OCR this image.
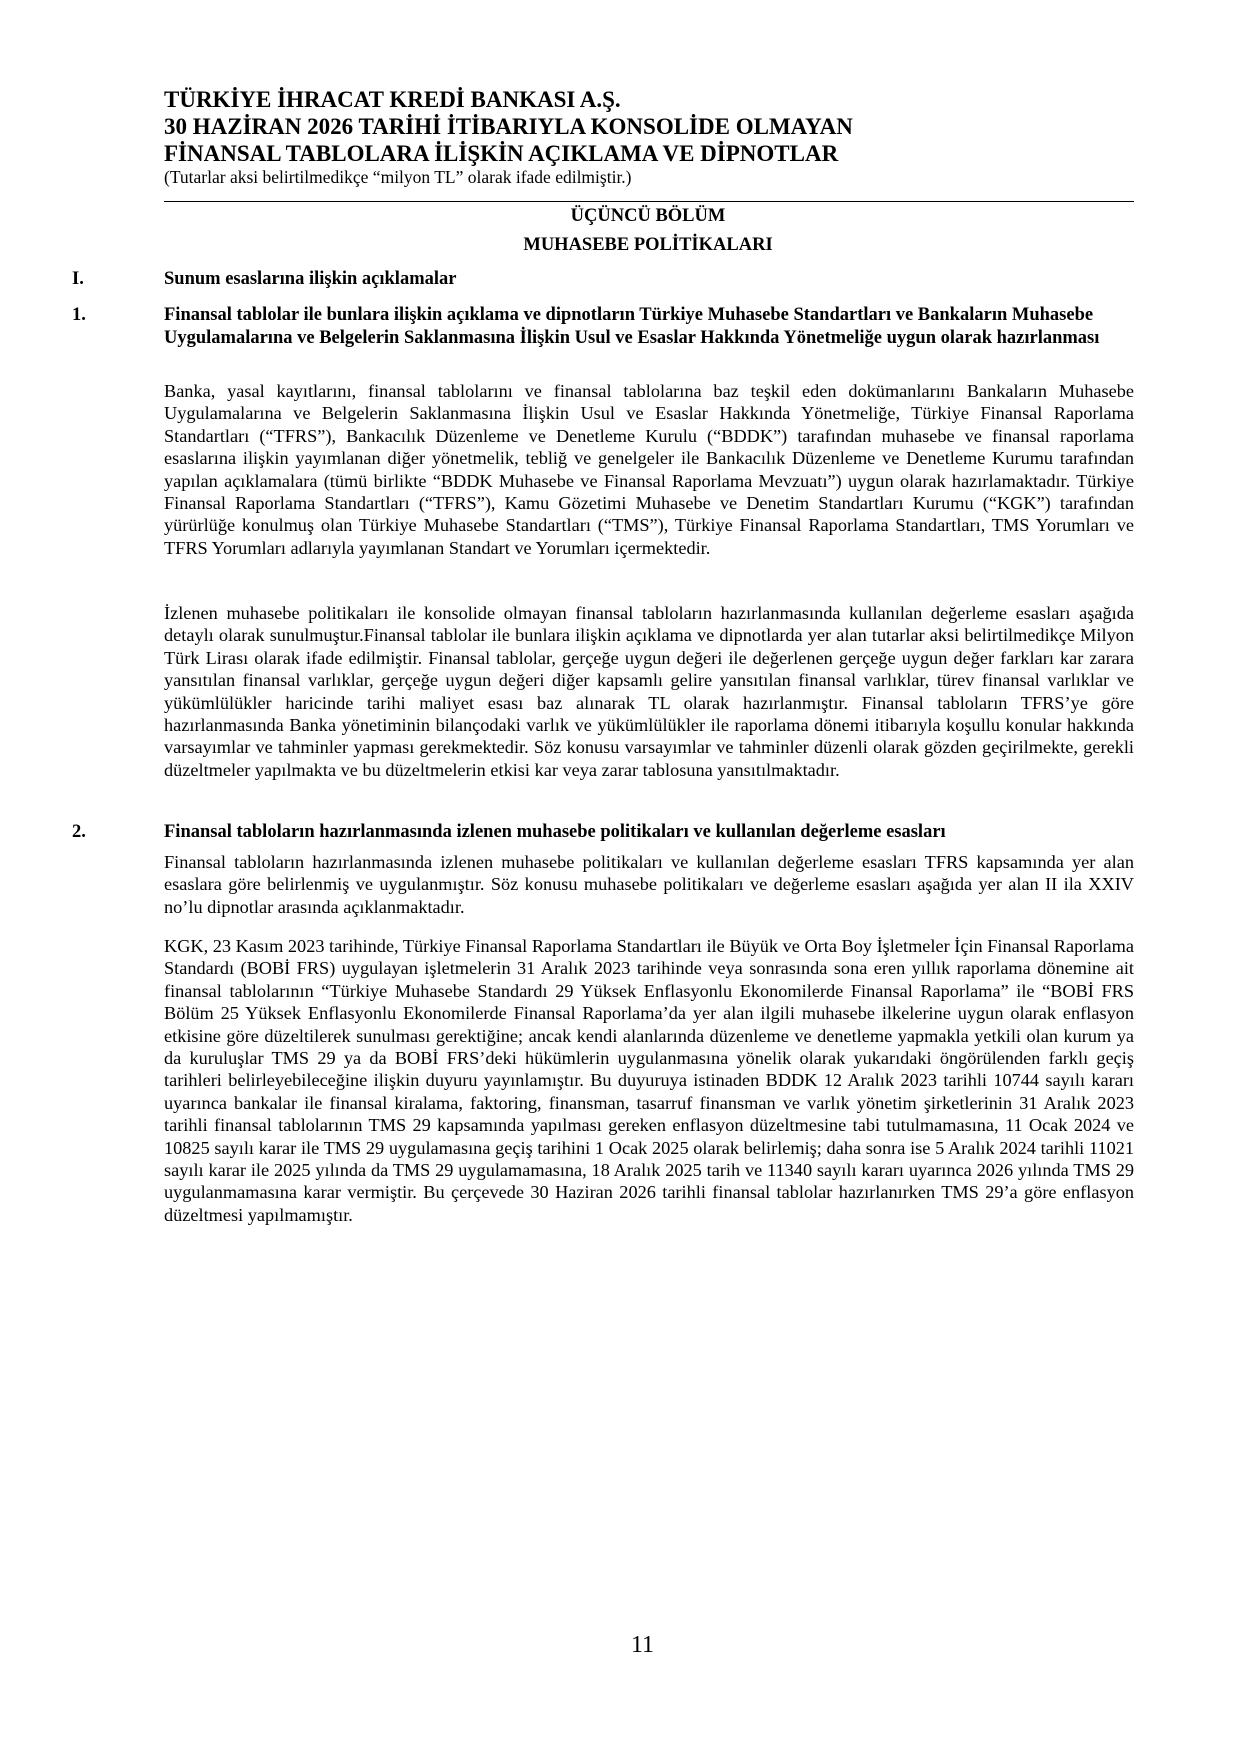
TÜRKİYE İHRACAT KREDİ BANKASI A.Ş.
30 HAZİRAN 2026 TARİHİ İTİBARIYLA KONSOLİDE OLMAYAN
FİNANSAL TABLOLARA İLİŞKİN AÇIKLAMA VE DİPNOTLAR
(Tutarlar aksi belirtilmedikçe “milyon TL” olarak ifade edilmiştir.)
ÜÇÜNCÜ BÖLÜM
MUHASEBE POLİTİKALARI
I.	Sunum esaslarına ilişkin açıklamalar
1.	Finansal tablolar ile bunlara ilişkin açıklama ve dipnotların Türkiye Muhasebe Standartları ve Bankaların Muhasebe Uygulamalarına ve Belgelerin Saklanmasına İlişkin Usul ve Esaslar Hakkında Yönetmeliğe uygun olarak hazırlanması
Banka, yasal kayıtlarını, finansal tablolarını ve finansal tablolarına baz teşkil eden dokümanlarını Bankaların Muhasebe Uygulamalarına ve Belgelerin Saklanmasına İlişkin Usul ve Esaslar Hakkında Yönetmeliğe, Türkiye Finansal Raporlama Standartları (“TFRS”), Bankacılık Düzenleme ve Denetleme Kurulu (“BDDK”) tarafından muhasebe ve finansal raporlama esaslarına ilişkin yayımlanan diğer yönetmelik, tebliğ ve genelgeler ile Bankacılık Düzenleme ve Denetleme Kurumu tarafından yapılan açıklamalara (tümü birlikte “BDDK Muhasebe ve Finansal Raporlama Mevzuatı”) uygun olarak hazırlamaktadır. Türkiye Finansal Raporlama Standartları (“TFRS”), Kamu Gözetimi Muhasebe ve Denetim Standartları Kurumu (“KGK”) tarafından yürürlüğe konulmuş olan Türkiye Muhasebe Standartları (“TMS”), Türkiye Finansal Raporlama Standartları, TMS Yorumları ve TFRS Yorumları adlarıyla yayımlanan Standart ve Yorumları içermektedir.
İzlenen muhasebe politikaları ile konsolide olmayan finansal tabloların hazırlanmasında kullanılan değerleme esasları aşağıda detaylı olarak sunulmuştur.Finansal tablolar ile bunlara ilişkin açıklama ve dipnotlarda yer alan tutarlar aksi belirtilmedikçe Milyon Türk Lirası olarak ifade edilmiştir. Finansal tablolar, gerçeğe uygun değeri ile değerlenen gerçeğe uygun değer farkları kar zarara yansıtılan finansal varlıklar, gerçeğe uygun değeri diğer kapsamlı gelire yansıtılan finansal varlıklar, türev finansal varlıklar ve yükümlülükler haricinde tarihi maliyet esası baz alınarak TL olarak hazırlanmıştır. Finansal tabloların TFRS’ye göre hazırlanmasında Banka yönetiminin bilançodaki varlık ve yükümlülükler ile raporlama dönemi itibarıyla koşullu konular hakkında varsayımlar ve tahminler yapması gerekmektedir. Söz konusu varsayımlar ve tahminler düzenli olarak gözden geçirilmekte, gerekli düzeltmeler yapılmakta ve bu düzeltmelerin etkisi kar veya zarar tablosuna yansıtılmaktadır.
2.	Finansal tabloların hazırlanmasında izlenen muhasebe politikaları ve kullanılan değerleme esasları
Finansal tabloların hazırlanmasında izlenen muhasebe politikaları ve kullanılan değerleme esasları TFRS kapsamında yer alan esaslara göre belirlenmiş ve uygulanmıştır. Söz konusu muhasebe politikaları ve değerleme esasları aşağıda yer alan II ila XXIV no’lu dipnotlar arasında açıklanmaktadır.
KGK, 23 Kasım 2023 tarihinde, Türkiye Finansal Raporlama Standartları ile Büyük ve Orta Boy İşletmeler İçin Finansal Raporlama Standardı (BOBİ FRS) uygulayan işletmelerin 31 Aralık 2023 tarihinde veya sonrasında sona eren yıllık raporlama dönemine ait finansal tablolarının “Türkiye Muhasebe Standardı 29 Yüksek Enflasyonlu Ekonomilerde Finansal Raporlama” ile “BOBİ FRS Bölüm 25 Yüksek Enflasyonlu Ekonomilerde Finansal Raporlama’da yer alan ilgili muhasebe ilkelerine uygun olarak enflasyon etkisine göre düzeltilerek sunulması gerektiğine; ancak kendi alanlarında düzenleme ve denetleme yapmakla yetkili olan kurum ya da kuruluşlar TMS 29 ya da BOBİ FRS’deki hükümlerin uygulanmasına yönelik olarak yukarıdaki öngörülenden farklı geçiş tarihleri belirleyebileceğine ilişkin duyuru yayınlamıştır. Bu duyuruya istinaden BDDK 12 Aralık 2023 tarihli 10744 sayılı kararı uyarınca bankalar ile finansal kiralama, faktoring, finansman, tasarruf finansman ve varlık yönetim şirketlerinin 31 Aralık 2023 tarihli finansal tablolarının TMS 29 kapsamında yapılması gereken enflasyon düzeltmesine tabi tutulmamasına, 11 Ocak 2024 ve 10825 sayılı karar ile TMS 29 uygulamasına geçiş tarihini 1 Ocak 2025 olarak belirlemiş; daha sonra ise 5 Aralık 2024 tarihli 11021 sayılı karar ile 2025 yılında da TMS 29 uygulamamasına, 18 Aralık 2025 tarih ve 11340 sayılı kararı uyarınca 2026 yılında TMS 29 uygulanmamasına karar vermiştir. Bu çerçevede 30 Haziran 2026 tarihli finansal tablolar hazırlanırken TMS 29’a göre enflasyon düzeltmesi yapılmamıştır.
11
